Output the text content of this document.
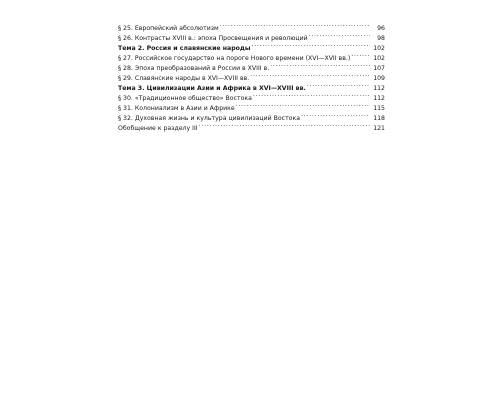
§ 25. Европейский абсолютизм . . .	96
§ 26. Контрасты XVIII в.: эпоха Просвещения и революций . . .	98
Тема 2. Россия и славянские народы . . .	102
§ 27. Российское государство на пороге Нового времени (XVI—XVII вв.) . . .	102
§ 28. Эпоха преобразований в России в XVIII в. . . .	107
§ 29. Славянские народы в XVI—XVIII вв. . . .	109
Тема 3. Цивилизации Азии и Африка в XVI—XVIII вв. . . .	112
§ 30. «Традиционное общество» Востока . . .	112
§ 31. Колониализм в Азии и Африке . . .	115
§ 32. Духовная жизнь и культура цивилизаций Востока . . .	118
Обобщение к разделу III . . .	121
